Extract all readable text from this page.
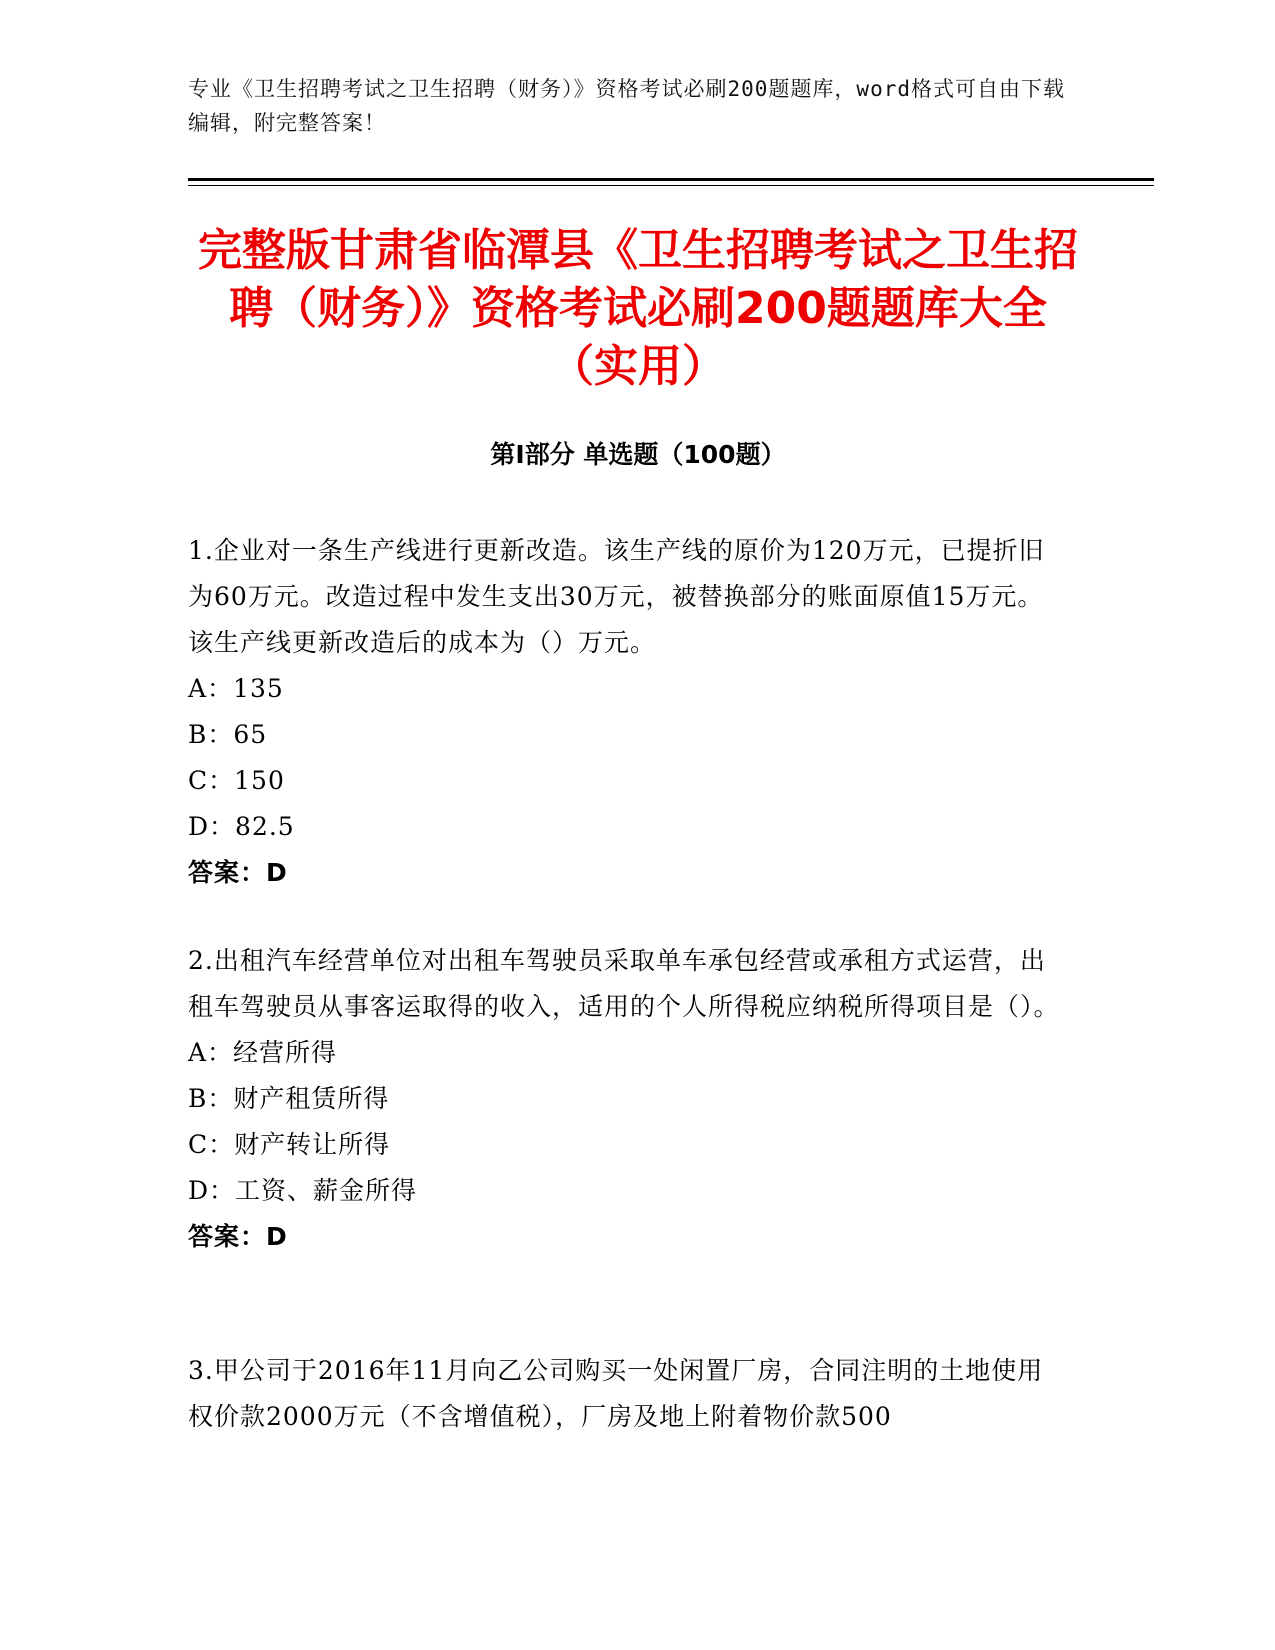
专业《卫生招聘考试之卫生招聘（财务）》资格考试必刷200题题库，word格式可自由下载编辑，附完整答案！
完整版甘肃省临潭县《卫生招聘考试之卫生招聘（财务）》资格考试必刷200题题库大全（实用）
第Ⅰ部分 单选题（100题）
1.企业对一条生产线进行更新改造。该生产线的原价为120万元，已提折旧为60万元。改造过程中发生支出30万元，被替换部分的账面原值15万元。该生产线更新改造后的成本为（）万元。
A：135
B：65
C：150
D：82.5
答案：D
2.出租汽车经营单位对出租车驾驶员采取单车承包经营或承租方式运营，出租车驾驶员从事客运取得的收入，适用的个人所得税应纳税所得项目是（）。
A：经营所得
B：财产租赁所得
C：财产转让所得
D：工资、薪金所得
答案：D
3.甲公司于2016年11月向乙公司购买一处闲置厂房，合同注明的土地使用权价款2000万元（不含增值税），厂房及地上附着物价款500
